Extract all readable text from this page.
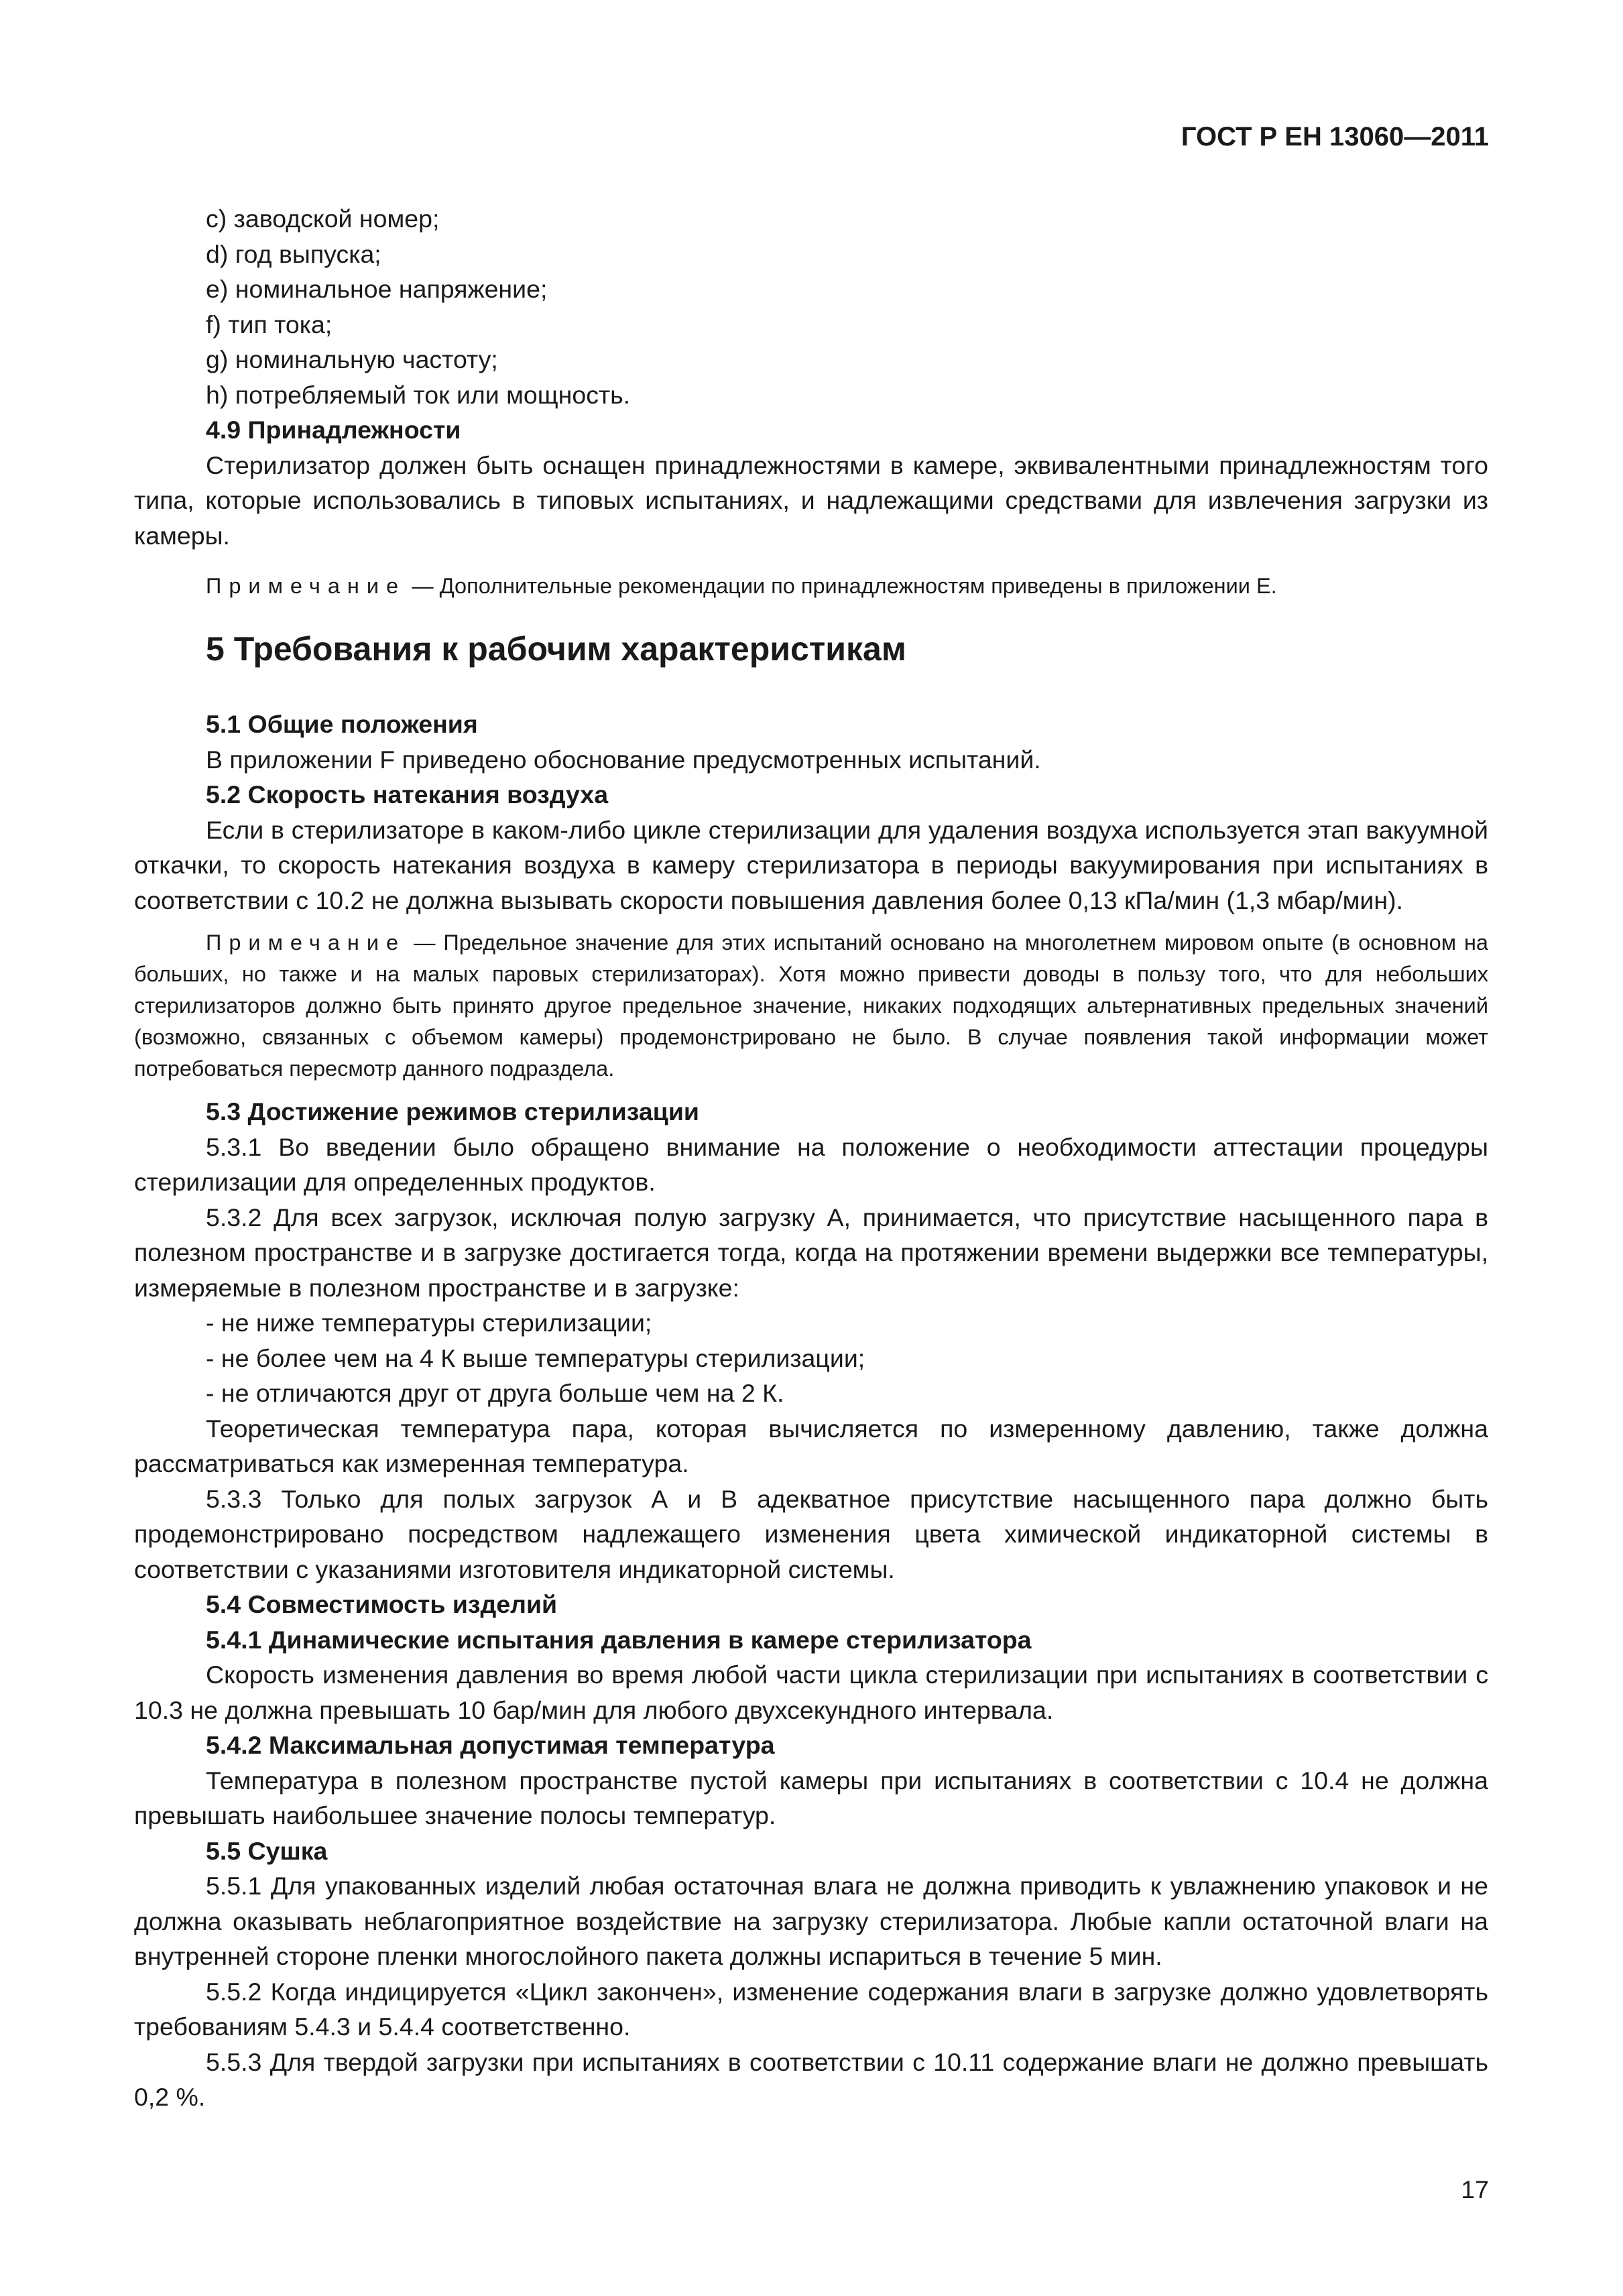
ГОСТ Р ЕН 13060—2011

c) заводской номер;

d) год выпуска;

e) номинальное напряжение;

f) тип тока;

g) номинальную частоту;

h) потребляемый ток или мощность.

4.9 Принадлежности

Стерилизатор должен быть оснащен принадлежностями в камере, эквивалентными принадлежностям того типа, которые использовались в типовых испытаниях, и надлежащими средствами для извлечения загрузки из камеры.

Примечание — Дополнительные рекомендации по принадлежностям приведены в приложении Е.

5 Требования к рабочим характеристикам

5.1 Общие положения

В приложении F приведено обоснование предусмотренных испытаний.

5.2 Скорость натекания воздуха

Если в стерилизаторе в каком-либо цикле стерилизации для удаления воздуха используется этап вакуумной откачки, то скорость натекания воздуха в камеру стерилизатора в периоды вакуумирования при испытаниях в соответствии с 10.2 не должна вызывать скорости повышения давления более 0,13 кПа/мин (1,3 мбар/мин).

Примечание — Предельное значение для этих испытаний основано на многолетнем мировом опыте (в основном на больших, но также и на малых паровых стерилизаторах). Хотя можно привести доводы в пользу того, что для небольших стерилизаторов должно быть принято другое предельное значение, никаких подходящих альтернативных предельных значений (возможно, связанных с объемом камеры) продемонстрировано не было. В случае появления такой информации может потребоваться пересмотр данного подраздела.

5.3 Достижение режимов стерилизации

5.3.1 Во введении было обращено внимание на положение о необходимости аттестации процедуры стерилизации для определенных продуктов.

5.3.2 Для всех загрузок, исключая полую загрузку А, принимается, что присутствие насыщенного пара в полезном пространстве и в загрузке достигается тогда, когда на протяжении времени выдержки все температуры, измеряемые в полезном пространстве и в загрузке:

- не ниже температуры стерилизации;

- не более чем на 4 К выше температуры стерилизации;

- не отличаются друг от друга больше чем на 2 К.

Теоретическая температура пара, которая вычисляется по измеренному давлению, также должна рассматриваться как измеренная температура.

5.3.3 Только для полых загрузок А и В адекватное присутствие насыщенного пара должно быть продемонстрировано посредством надлежащего изменения цвета химической индикаторной системы в соответствии с указаниями изготовителя индикаторной системы.

5.4 Совместимость изделий

5.4.1 Динамические испытания давления в камере стерилизатора

Скорость изменения давления во время любой части цикла стерилизации при испытаниях в соответствии с 10.3 не должна превышать 10 бар/мин для любого двухсекундного интервала.

5.4.2 Максимальная допустимая температура

Температура в полезном пространстве пустой камеры при испытаниях в соответствии с 10.4 не должна превышать наибольшее значение полосы температур.

5.5 Сушка

5.5.1 Для упакованных изделий любая остаточная влага не должна приводить к увлажнению упаковок и не должна оказывать неблагоприятное воздействие на загрузку стерилизатора. Любые капли остаточной влаги на внутренней стороне пленки многослойного пакета должны испариться в течение 5 мин.

5.5.2 Когда индицируется «Цикл закончен», изменение содержания влаги в загрузке должно удовлетворять требованиям 5.4.3 и 5.4.4 соответственно.

5.5.3 Для твердой загрузки при испытаниях в соответствии с 10.11 содержание влаги не должно превышать 0,2 %.

17
